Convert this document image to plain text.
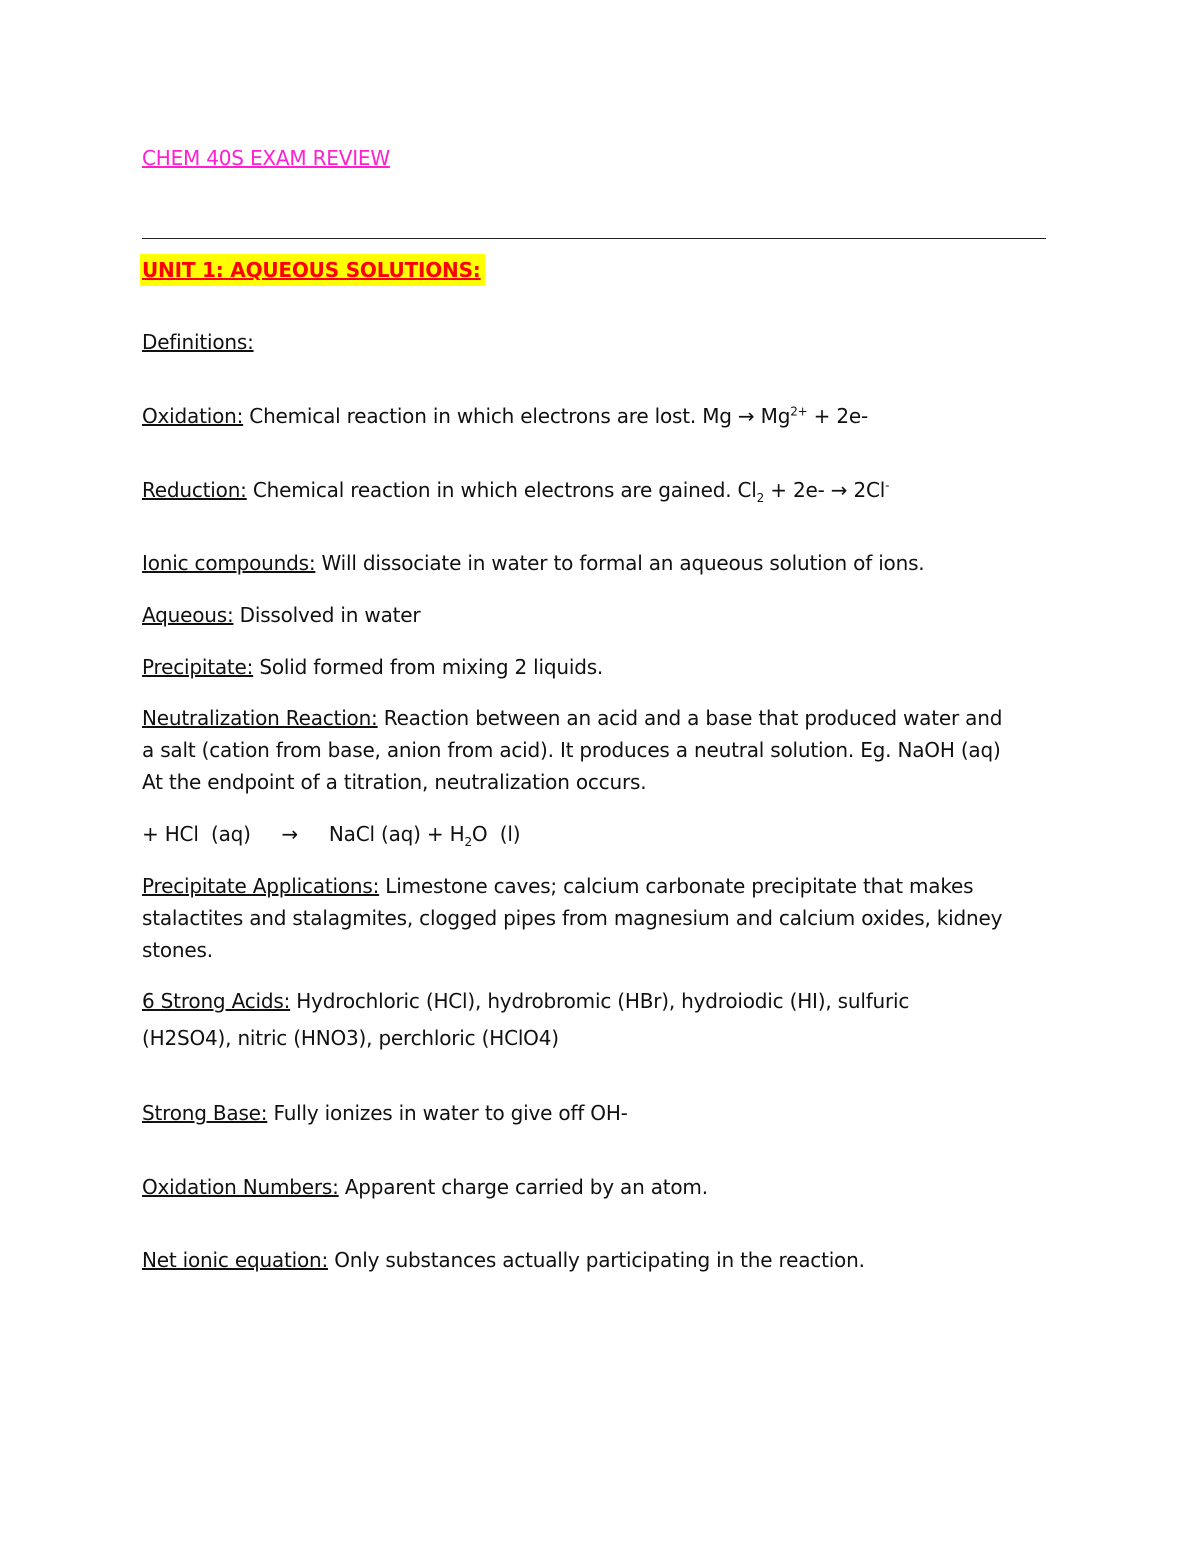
CHEM 40S EXAM REVIEW
UNIT 1: AQUEOUS SOLUTIONS:
Definitions:
Oxidation: Chemical reaction in which electrons are lost. $Mg \to Mg^{2+} + 2e-$
Reduction: Chemical reaction in which electrons are gained. $Cl_2 + 2e- \to 2Cl^-$
Ionic compounds: Will dissociate in water to formal an aqueous solution of ions.
Aqueous: Dissolved in water
Precipitate: Solid formed from mixing 2 liquids.
Neutralization Reaction: Reaction between an acid and a base that produced water and
a salt (cation from base, anion from acid). It produces a neutral solution. Eg. NaOH (aq)
At the endpoint of a titration, neutralization occurs.
+ HCl  (aq)     →     NaCl $(aq) + H_2O$  (l)
Precipitate Applications: Limestone caves; calcium carbonate precipitate that makes
stalactites and stalagmites, clogged pipes from magnesium and calcium oxides, kidney
stones.
6 Strong Acids: Hydrochloric (HCl), hydrobromic (HBr), hydroiodic (HI), sulfuric
(H2SO4), nitric (HNO3), perchloric (HClO4)
Strong Base: Fully ionizes in water to give off OH-
Oxidation Numbers: Apparent charge carried by an atom.
Net ionic equation: Only substances actually participating in the reaction.
